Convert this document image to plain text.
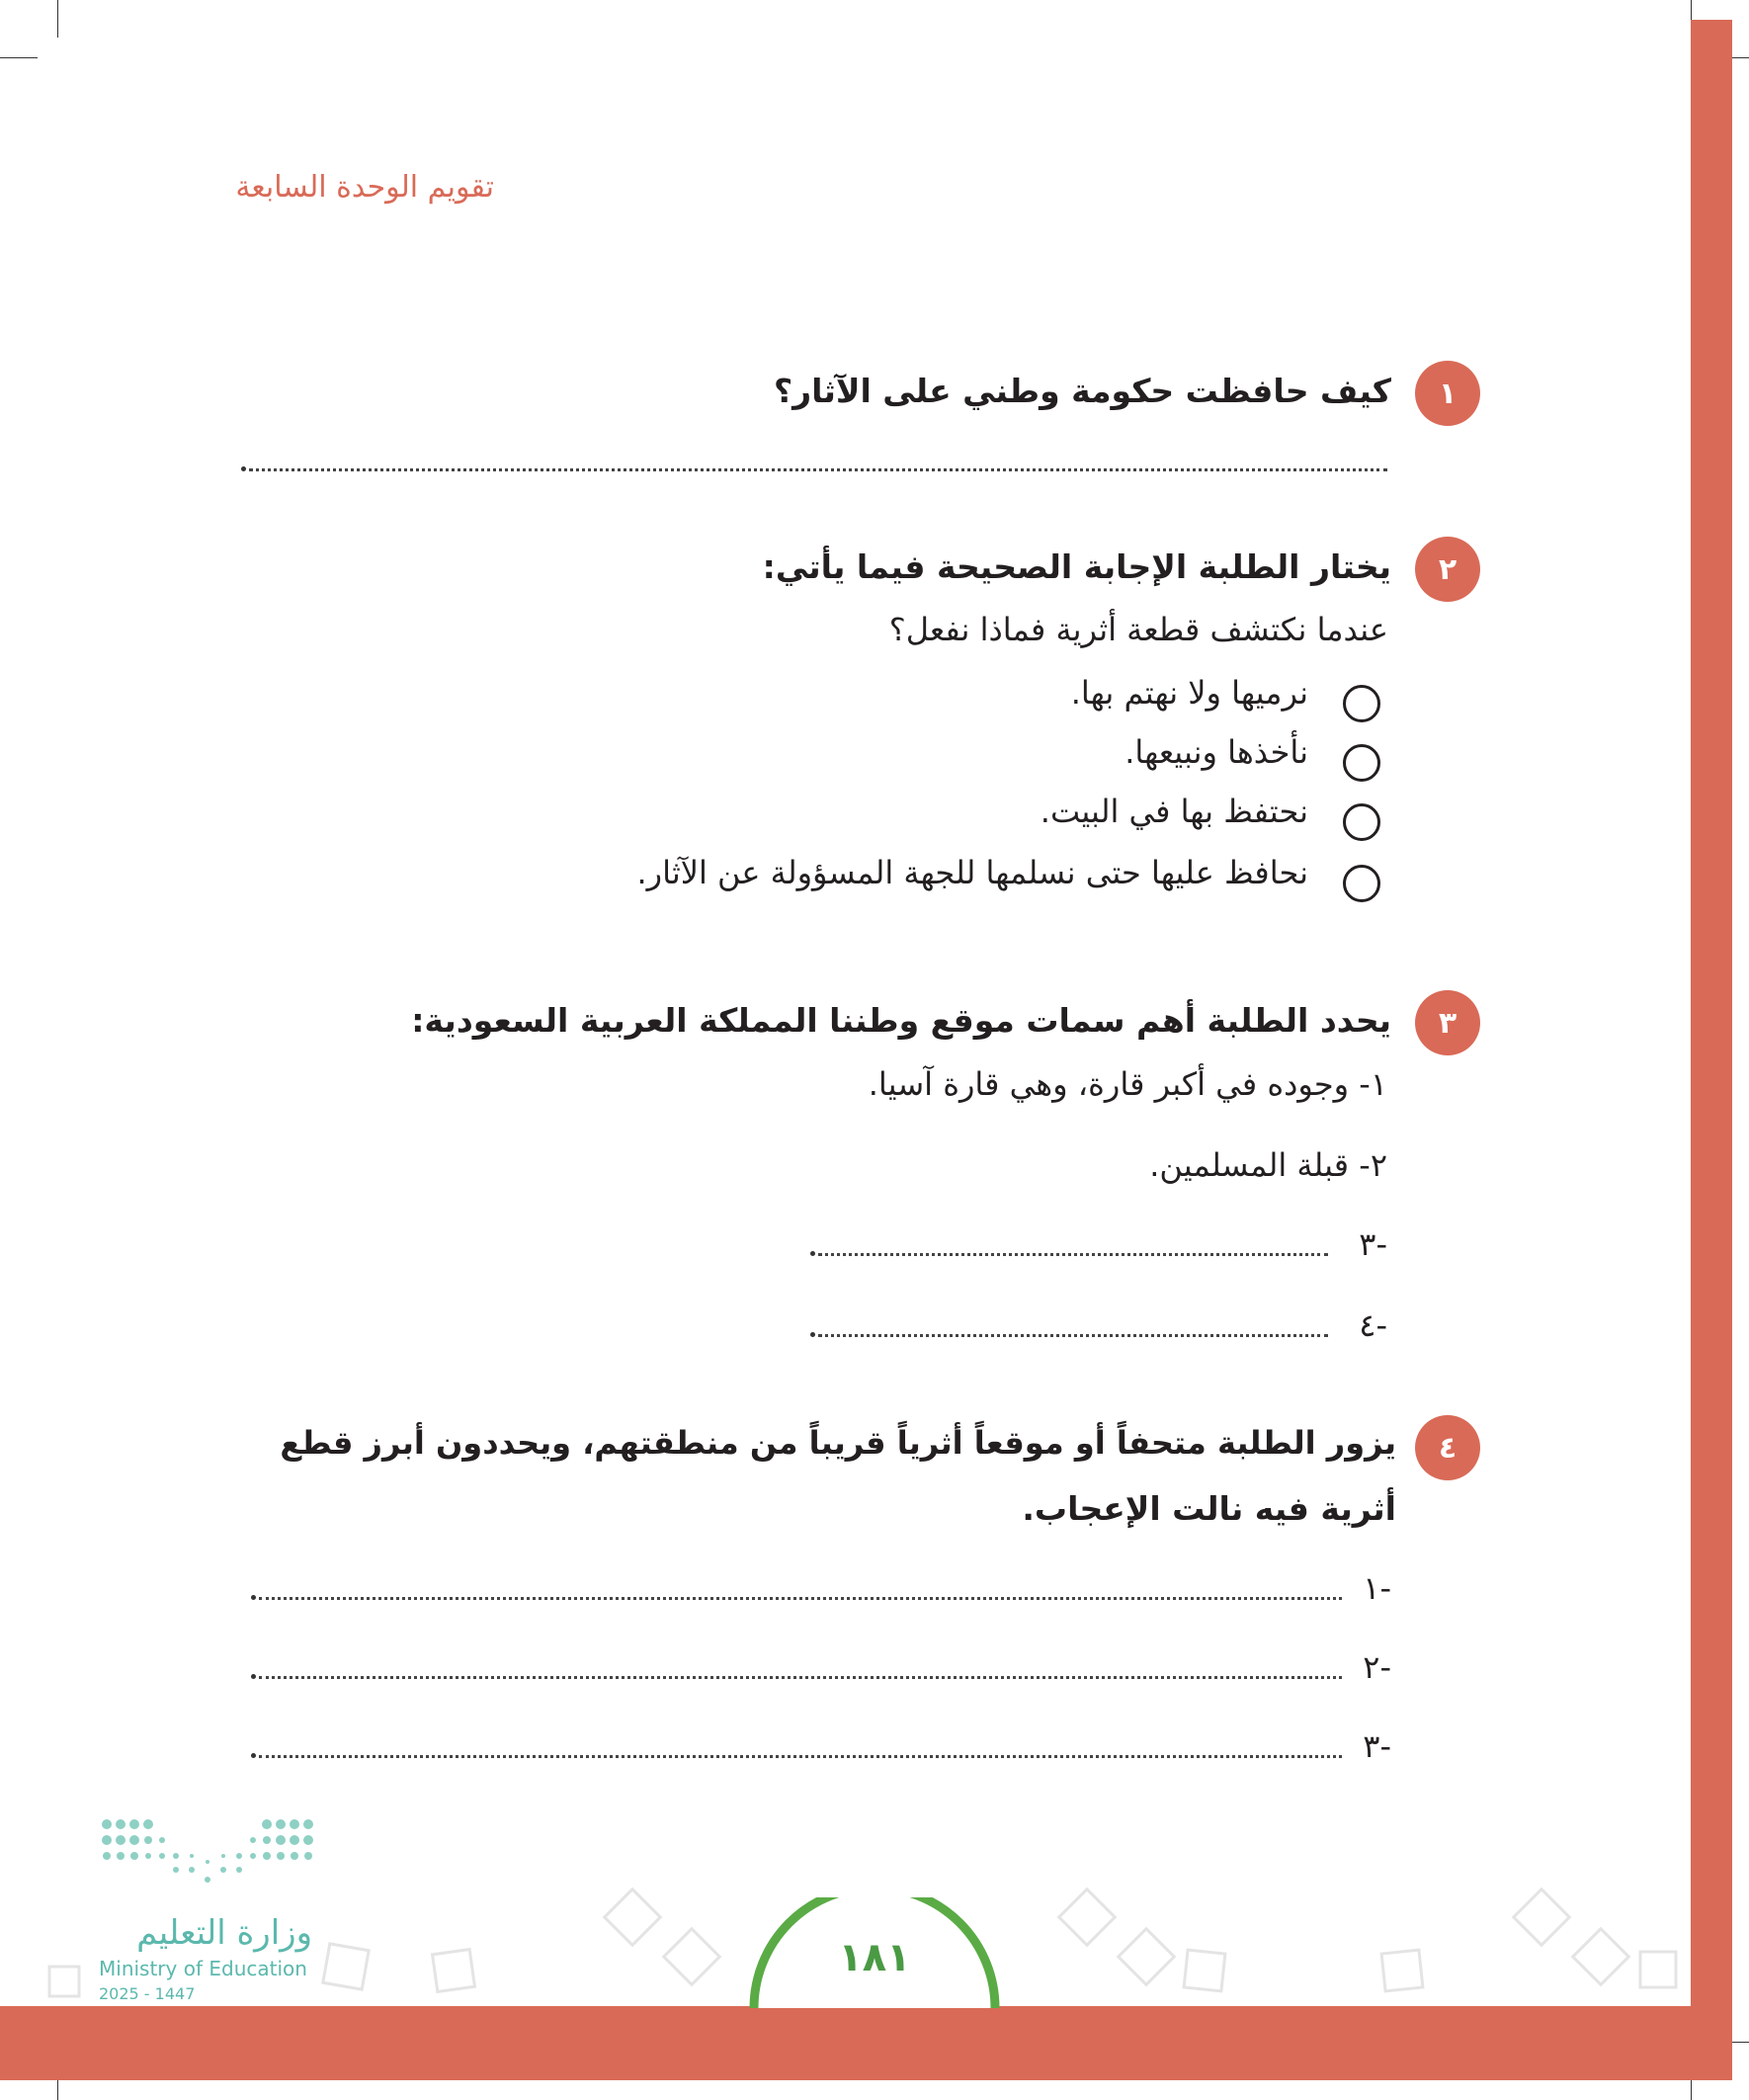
تقويم الوحدة السابعة
١
كيف حافظت حكومة وطني على الآثار؟
٢
يختار الطلبة الإجابة الصحيحة فيما يأتي:
عندما نكتشف قطعة أثرية فماذا نفعل؟
نرميها ولا نهتم بها.
نأخذها ونبيعها.
نحتفظ بها في البيت.
نحافظ عليها حتى نسلمها للجهة المسؤولة عن الآثار.
٣
يحدد الطلبة أهم سمات موقع وطننا المملكة العربية السعودية:
١- وجوده في أكبر قارة، وهي قارة آسيا.
٢- قبلة المسلمين.
-٣
-٤
٤
يزور الطلبة متحفاً أو موقعاً أثرياً قريباً من منطقتهم، ويحددون أبرز قطع
أثرية فيه نالت الإعجاب.
-١
-٢
-٣
١٨١
وزارة التعليم
Ministry of Education
2025 - 1447
